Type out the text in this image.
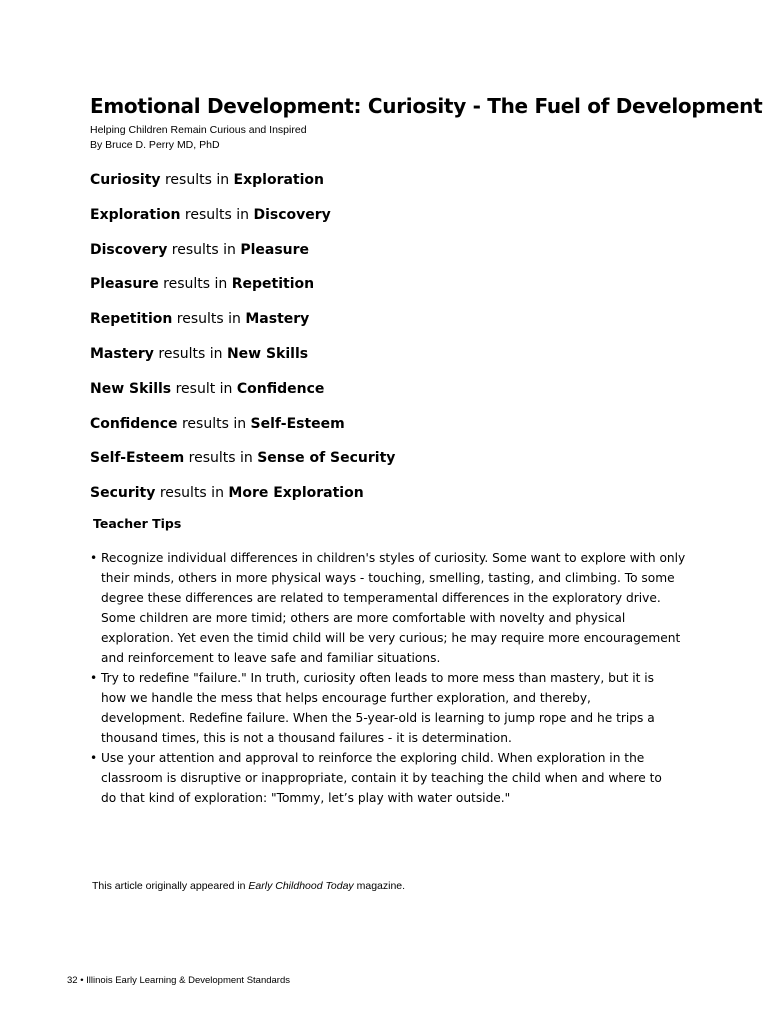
Emotional Development: Curiosity - The Fuel of Development
Helping Children Remain Curious and Inspired
By Bruce D. Perry MD, PhD
Curiosity results in Exploration
Exploration results in Discovery
Discovery results in Pleasure
Pleasure results in Repetition
Repetition results in Mastery
Mastery results in New Skills
New Skills result in Confidence
Confidence results in Self-Esteem
Self-Esteem results in Sense of Security
Security results in More Exploration
Teacher Tips
• Recognize individual differences in children's styles of curiosity. Some want to explore with only
their minds, others in more physical ways - touching, smelling, tasting, and climbing. To some
degree these differences are related to temperamental differences in the exploratory drive.
Some children are more timid; others are more comfortable with novelty and physical
exploration. Yet even the timid child will be very curious; he may require more encouragement
and reinforcement to leave safe and familiar situations.
• Try to redefine "failure." In truth, curiosity often leads to more mess than mastery, but it is
how we handle the mess that helps encourage further exploration, and thereby,
development. Redefine failure. When the 5-year-old is learning to jump rope and he trips a
thousand times, this is not a thousand failures - it is determination.
• Use your attention and approval to reinforce the exploring child. When exploration in the
classroom is disruptive or inappropriate, contain it by teaching the child when and where to
do that kind of exploration: "Tommy, let’s play with water outside."
This article originally appeared in Early Childhood Today magazine.
32 • Illinois Early Learning & Development Standards
